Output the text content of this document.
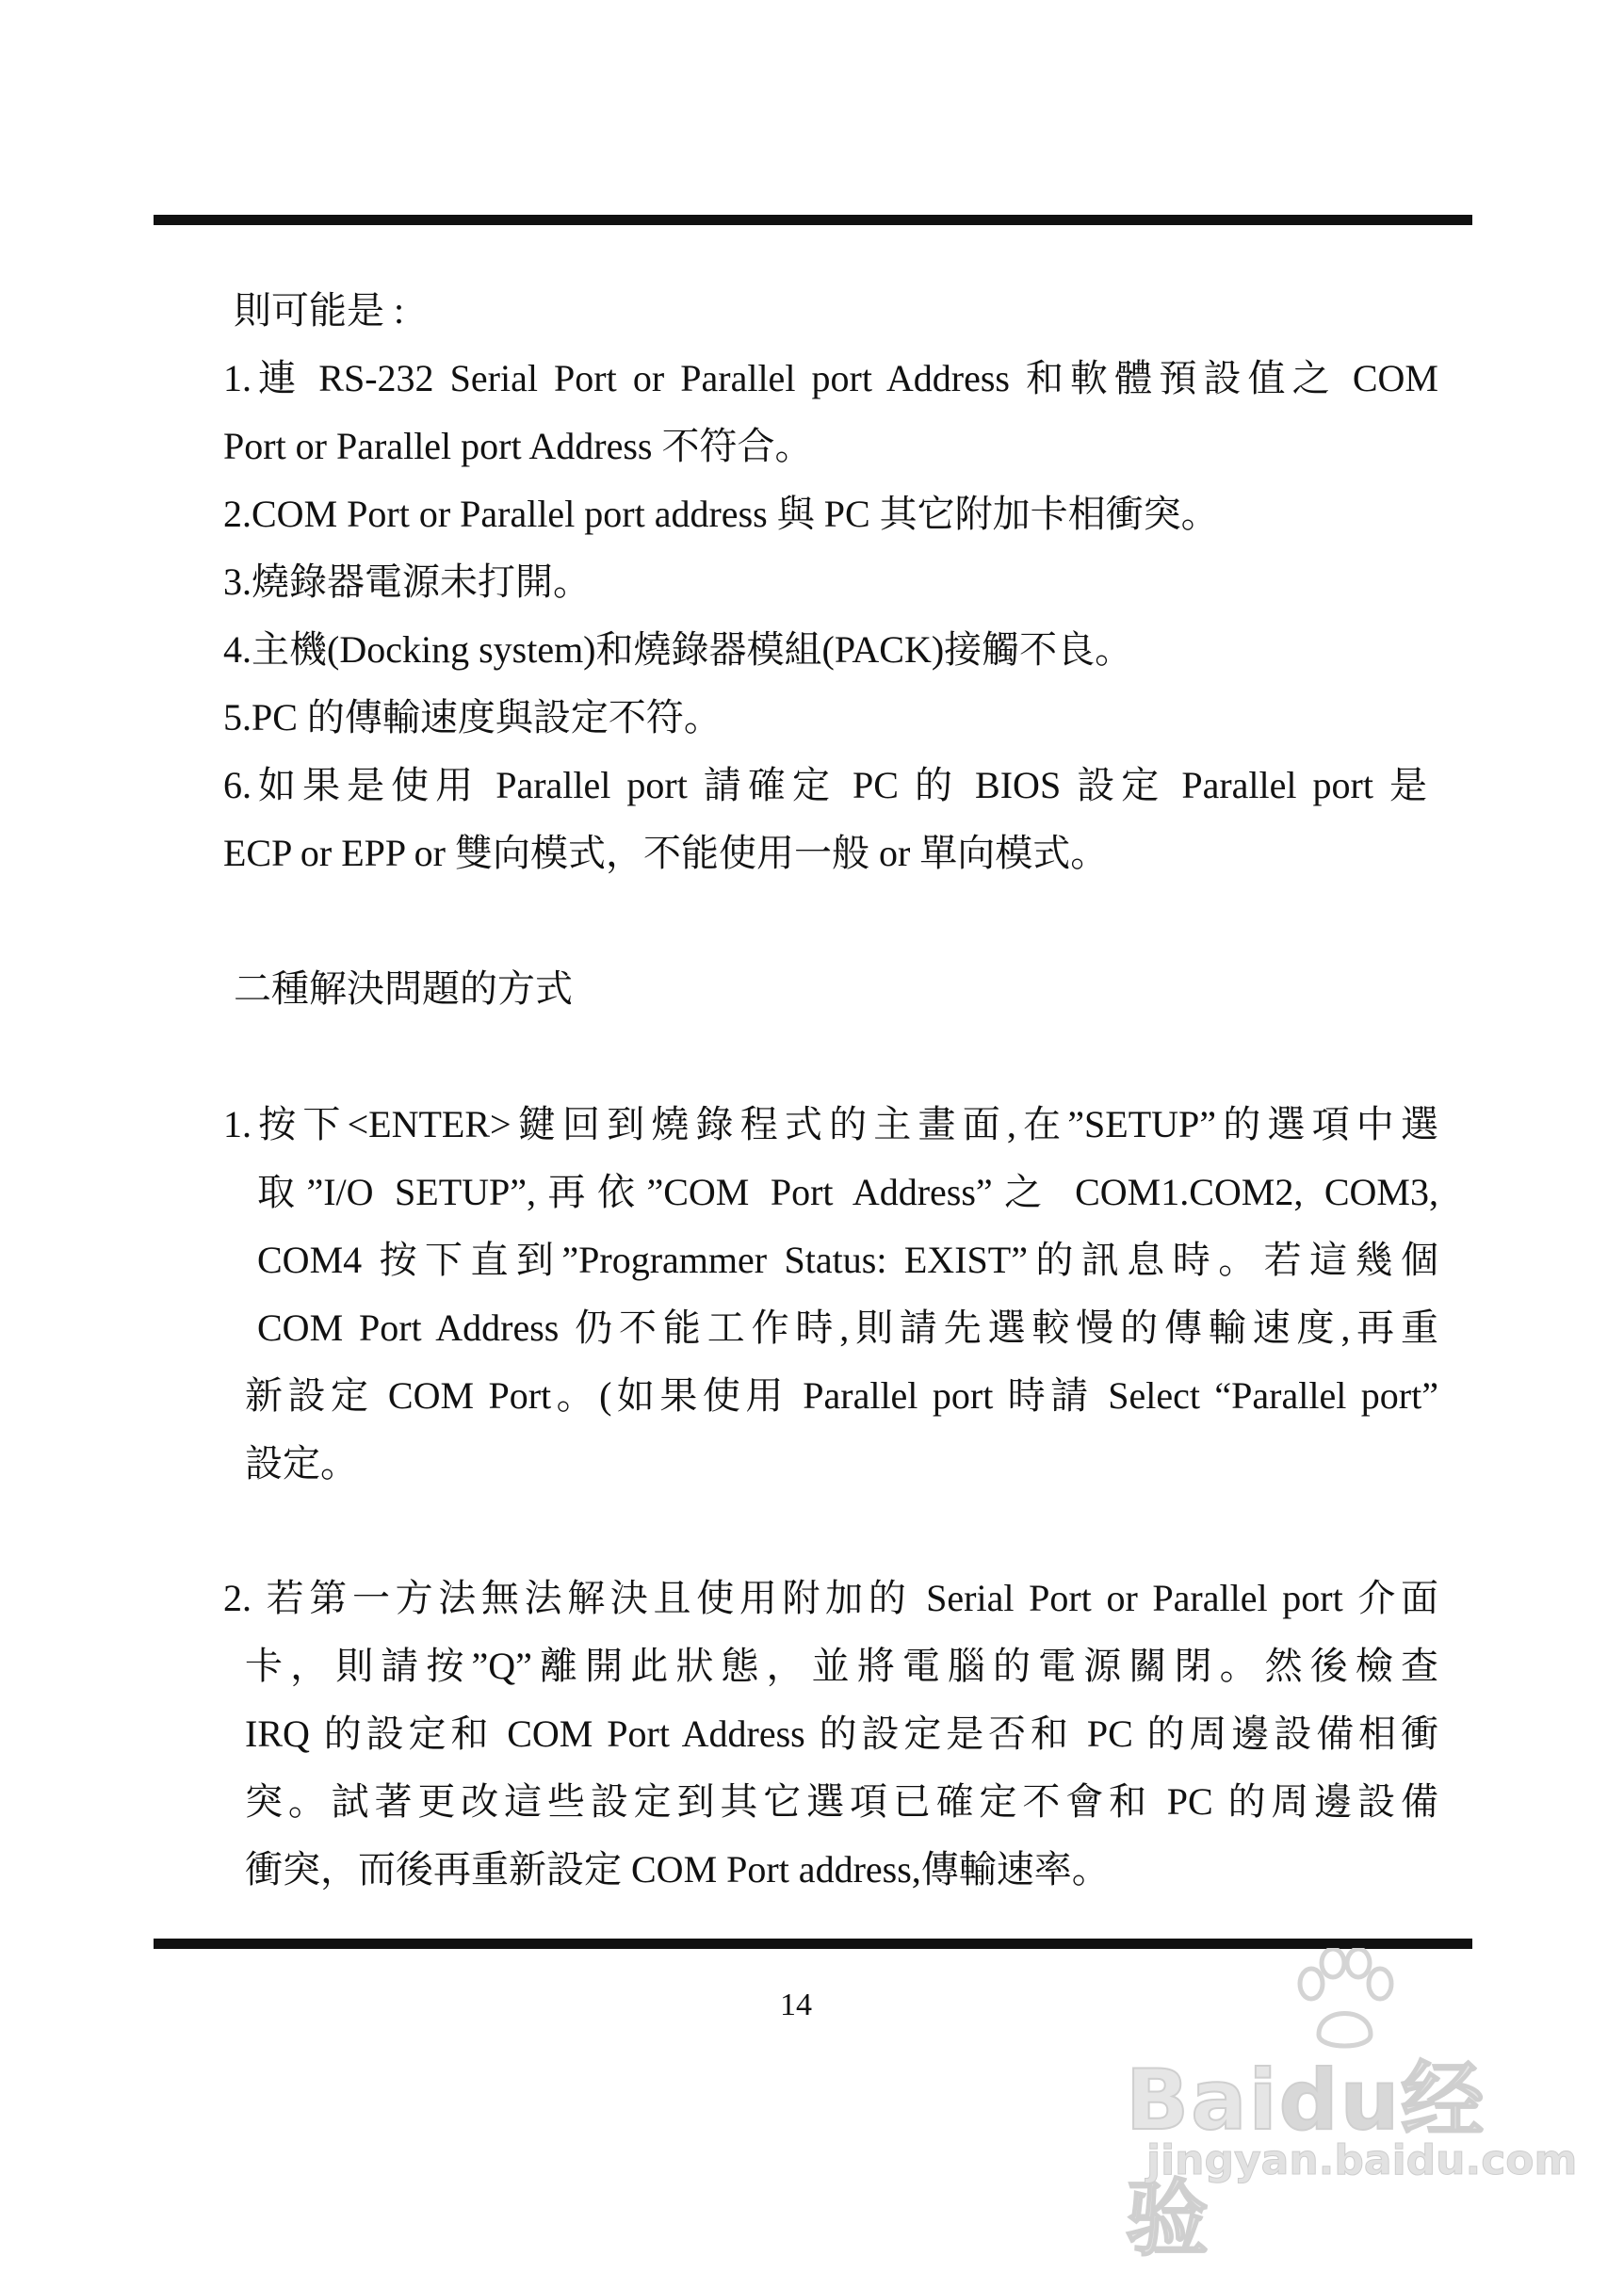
則可能是 :
1.連 RS-232 Serial Port or Parallel port Address 和軟體預設值之 COM
Port or Parallel port Address 不符合。
2.COM Port or Parallel port address 與 PC 其它附加卡相衝突。
3.燒錄器電源未打開。
4.主機(Docking system)和燒錄器模組(PACK)接觸不良。
5.PC 的傳輸速度與設定不符。
6.如果是使用 Parallel port 請確定 PC 的 BIOS 設定 Parallel port 是
ECP or EPP or 雙向模式，不能使用一般 or 單向模式。
二種解決問題的方式
1.按下<ENTER>鍵回到燒錄程式的主畫面,在”SETUP”的選項中選
取”I/O SETUP”,再依”COM Port Address”之 COM1.COM2, COM3,
COM4 按下直到”Programmer Status: EXIST”的訊息時。若這幾個
COM Port Address 仍不能工作時,則請先選較慢的傳輸速度,再重
新設定 COM Port。(如果使用 Parallel port 時請 Select “Parallel port”
設定。
2. 若第一方法無法解決且使用附加的 Serial Port or Parallel port 介面
卡，則請按”Q”離開此狀態，並將電腦的電源關閉。然後檢查
IRQ 的設定和 COM Port Address 的設定是否和 PC 的周邊設備相衝
突。試著更改這些設定到其它選項已確定不會和 PC 的周邊設備
衝突，而後再重新設定 COM Port address,傳輸速率。
14
Baidu经验
jingyan.baidu.com
